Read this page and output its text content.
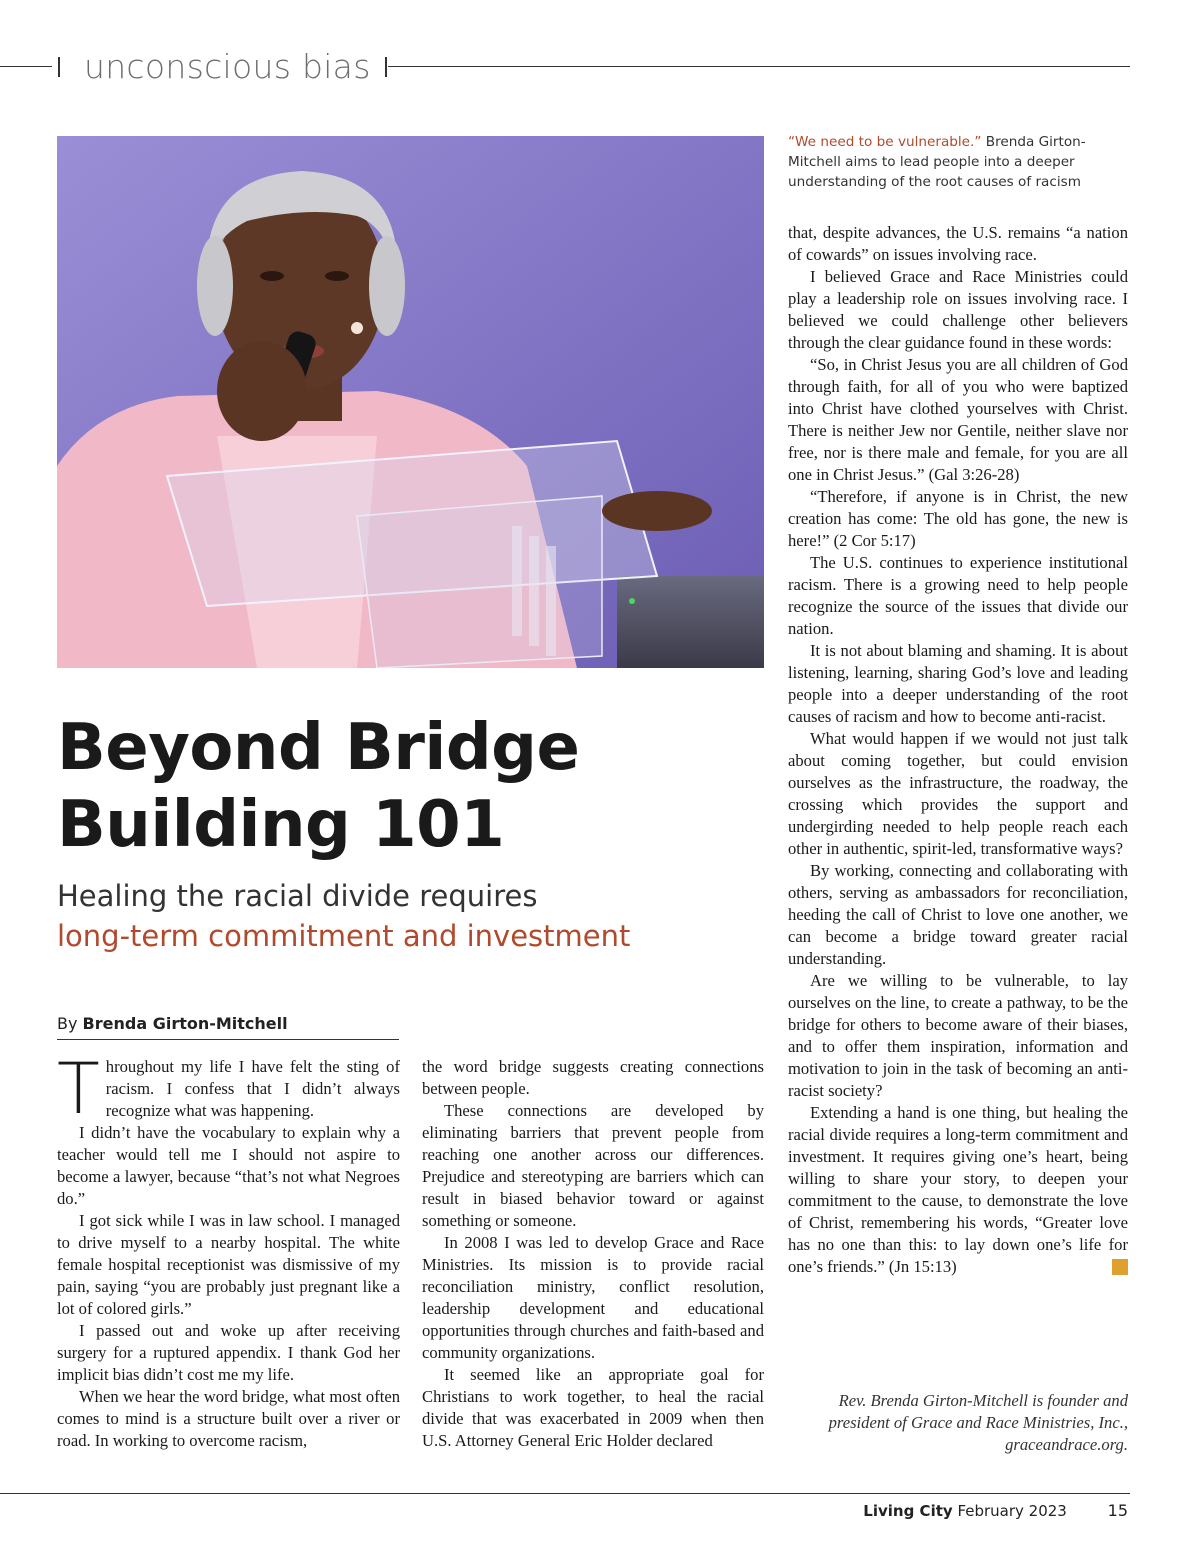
unconscious bias
“We need to be vulnerable.” Brenda Girton-Mitchell aims to lead people into a deeper understanding of the root causes of racism
Beyond Bridge
Building 101
Healing the racial divide requires
long-term commitment and investment
By Brenda Girton-Mitchell

Throughout my life I have felt the sting of racism. I confess that I didn’t always recognize what was happening.

I didn’t have the vocabulary to explain why a teacher would tell me I should not aspire to become a lawyer, because “that’s not what Negroes do.”

I got sick while I was in law school. I managed to drive myself to a nearby hospital. The white female hospital receptionist was dismissive of my pain, saying “you are probably just pregnant like a lot of colored girls.”

I passed out and woke up after receiving surgery for a ruptured appendix. I thank God her implicit bias didn’t cost me my life.

When we hear the word bridge, what most often comes to mind is a structure built over a river or road. In working to overcome racism,

the word bridge suggests creating connections between people.

These connections are developed by eliminating barriers that prevent people from reaching one another across our differences. Prejudice and stereotyping are barriers which can result in biased behavior toward or against something or someone.

In 2008 I was led to develop Grace and Race Ministries. Its mission is to provide racial reconciliation ministry, conflict resolution, leadership development and educational opportunities through churches and faith-based and community organizations.

It seemed like an appropriate goal for Christians to work together, to heal the racial divide that was exacerbated in 2009 when then U.S. Attorney General Eric Holder declared

that, despite advances, the U.S. remains “a nation of cowards” on issues involving race.

I believed Grace and Race Ministries could play a leadership role on issues involving race. I believed we could challenge other believers through the clear guidance found in these words:

“So, in Christ Jesus you are all children of God through faith, for all of you who were baptized into Christ have clothed yourselves with Christ. There is neither Jew nor Gentile, neither slave nor free, nor is there male and female, for you are all one in Christ Jesus.” (Gal 3:26-28)

“Therefore, if anyone is in Christ, the new creation has come: The old has gone, the new is here!” (2 Cor 5:17)

The U.S. continues to experience institutional racism. There is a growing need to help people recognize the source of the issues that divide our nation.

It is not about blaming and shaming. It is about listening, learning, sharing God’s love and leading people into a deeper understanding of the root causes of racism and how to become anti-racist.

What would happen if we would not just talk about coming together, but could envision ourselves as the infrastructure, the roadway, the crossing which provides the support and undergirding needed to help people reach each other in authentic, spirit-led, transformative ways?

By working, connecting and collaborating with others, serving as ambassadors for reconciliation, heeding the call of Christ to love one another, we can become a bridge toward greater racial understanding.

Are we willing to be vulnerable, to lay ourselves on the line, to create a pathway, to be the bridge for others to become aware of their biases, and to offer them inspiration, information and motivation to join in the task of becoming an anti-racist society?

Extending a hand is one thing, but healing the racial divide requires a long-term commitment and investment. It requires giving one’s heart, being willing to share your story, to deepen your commitment to the cause, to demonstrate the love of Christ, remembering his words, “Greater love has no one than this: to lay down one’s life for one’s friends.” (Jn 15:13)	LC

Rev. Brenda Girton-Mitchell is founder and president of Grace and Race Ministries, Inc., graceandrace.org.
Living City February 2023	15
